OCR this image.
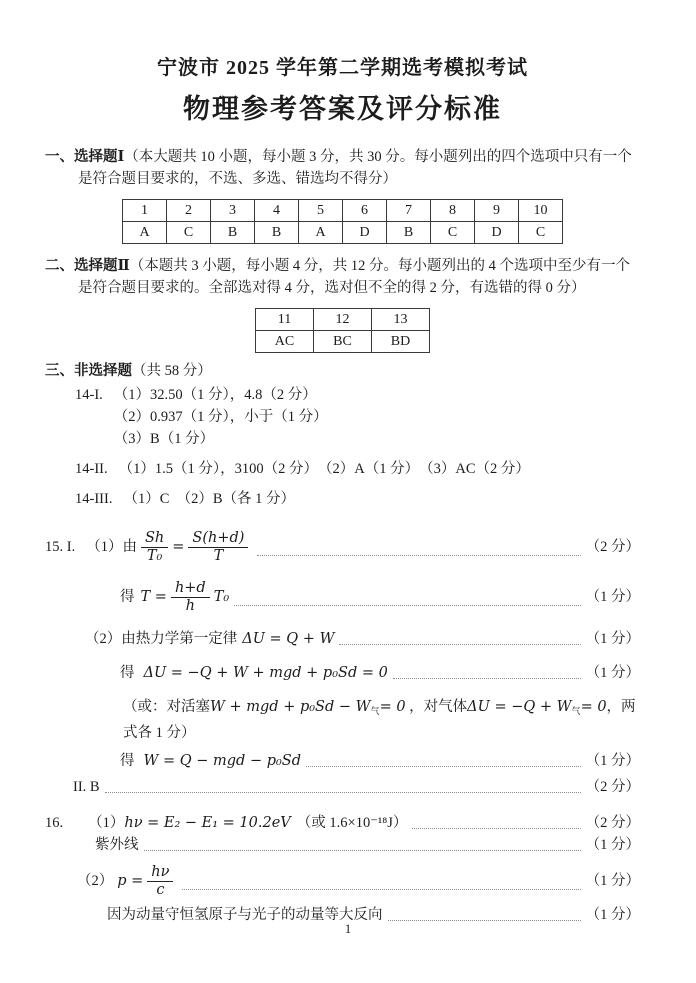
宁波市 2025 学年第二学期选考模拟考试
物理参考答案及评分标准

一、选择题Ⅰ（本大题共 10 小题，每小题 3 分，共 30 分。每小题列出的四个选项中只有一个是符合题目要求的，不选、多选、错选均不得分）

1	2	3	4	5	6	7	8	9	10
A	C	B	B	A	D	B	C	D	C

二、选择题Ⅱ（本题共 3 小题，每小题 4 分，共 12 分。每小题列出的 4 个选项中至少有一个是符合题目要求的。全部选对得 4 分，选对但不全的得 2 分，有选错的得 0 分）

11	12	13
AC	BC	BD

三、非选择题（共 58 分）

14-I. （1）32.50（1 分），4.8（2 分）
（2）0.937（1 分），小于（1 分）
（3）B（1 分）
14-II. （1）1.5（1 分），3100（2 分）　（2）A（1 分）　（3）AC（2 分）
14-III. （1）C　（2）B（各 1 分）
15. I. （1）由 $\frac{Sh}{\text{T₀}} = \frac{S(h+d)}{T}$	（2 分）
得 $T = \frac{h+d}{h} T_0$	（1 分）
（2）由热力学第一定律 ΔU = Q + W	（1 分）
得 ΔU = −Q + W + mgd + p₀Sd = 0	（1 分）
（或：对活塞W + mgd + $p_0Sd - W_气= 0$ ，对气体$\Delta U = -Q + W_气= 0$，两式各 1 分）
得 W = Q − mgd − p₀Sd	（1 分）
II. B	（2 分）
16. （1） hν = E₂ − E₁ = 10.2eV （或 1.6×10⁻¹⁸J）	（2 分）
紫外线	（1 分）
（2） $p = \frac{h\nu}{c}$	（1 分）
因为动量守恒氢原子与光子的动量等大反向	（1 分）
1
